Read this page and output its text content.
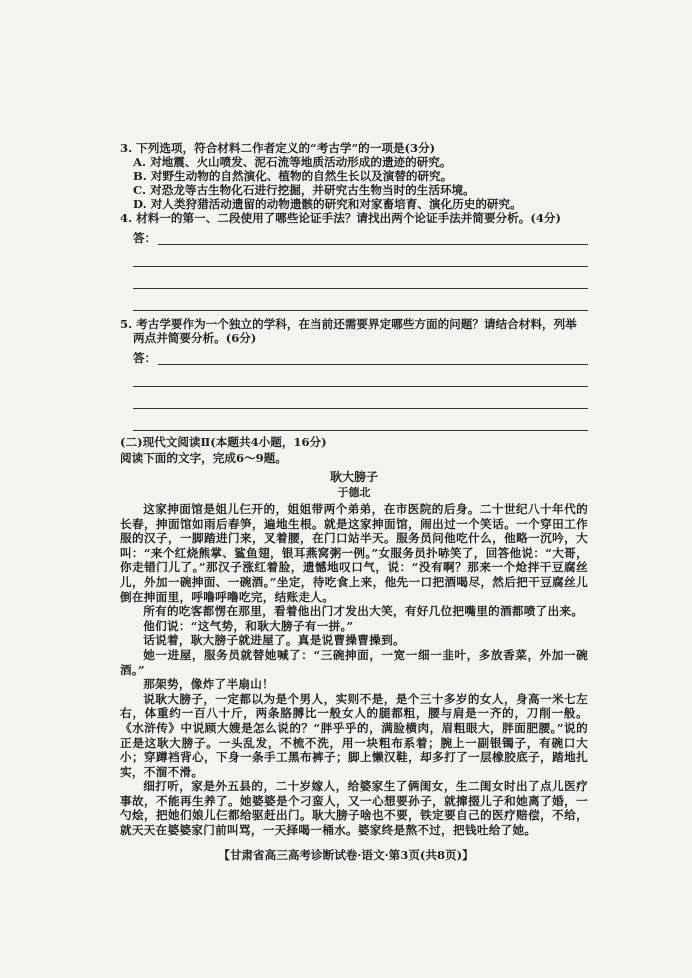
3. 下列选项，符合材料二作者定义的“考古学”的一项是(3分)
A. 对地震、火山喷发、泥石流等地质活动形成的遗迹的研究。
B. 对野生动物的自然演化、植物的自然生长以及演替的研究。
C. 对恐龙等古生物化石进行挖掘，并研究古生物当时的生活环境。
D. 对人类狩猎活动遗留的动物遗骸的研究和对家畜培育、演化历史的研究。
4. 材料一的第一、二段使用了哪些论证手法？请找出两个论证手法并简要分析。(4分)
答：
5. 考古学要作为一个独立的学科，在当前还需要界定哪些方面的问题？请结合材料，列举两点并简要分析。(6分)
答：
(二)现代文阅读Ⅱ(本题共4小题，16分)
阅读下面的文字，完成6～9题。
耿大膀子
于德北

这家抻面馆是姐儿仨开的，姐姐带两个弟弟，在市医院的后身。二十世纪八十年代的长春，抻面馆如雨后春笋，遍地生根。就是这家抻面馆，闹出过一个笑话。一个穿田工作服的汉子，一脚踏进门来，叉着腰，在门口站半天。服务员问他吃什么，他略一沉吟，大叫：“来个红烧熊掌、鲨鱼翅，银耳燕窝粥一例。”女服务员扑哧笑了，回答他说：“大哥，你走错门儿了。”那汉子涨红着脸，遗憾地叹口气，说：“没有啊？那来一个炝拌干豆腐丝儿，外加一碗抻面、一碗酒。”坐定，待吃食上来，他先一口把酒喝尽，然后把干豆腐丝儿倒在抻面里，呼噜呼噜吃完，结账走人。

所有的吃客都愣在那里，看着他出门才发出大笑，有好几位把嘴里的酒都喷了出来。

他们说：“这气势，和耿大膀子有一拼。”

话说着，耿大膀子就进屋了。真是说曹操曹操到。

她一进屋，服务员就替她喊了：“三碗抻面，一宽一细一韭叶，多放香菜，外加一碗酒。”

那架势，像炸了半扇山！

说耿大膀子，一定都以为是个男人，实则不是，是个三十多岁的女人，身高一米七左右，体重约一百八十斤，两条胳膊比一般女人的腿都粗，腰与肩是一齐的，刀削一般。《水浒传》中说顾大嫂是怎么说的？“胖乎乎的，满脸横肉，眉粗眼大，胖面肥腰。”说的正是这耿大膀子。一头乱发，不梳不洗，用一块粗布系着；腕上一副银镯子，有碗口大小；穿蹲裆背心，下身一条手工黑布裤子；脚上懒汉鞋，却多打了一层橡胶底子，踏地扎实，不溜不滑。

细打听，家是外五县的，二十岁嫁人，给婆家生了俩闺女，生二闺女时出了点儿医疗事故，不能再生养了。她婆婆是个刁蛮人，又一心想要孙子，就撺掇儿子和她离了婚，一勺烩，把她们娘儿仨都给驱赶出门。耿大膀子啥也不要，铁定要自己的医疗赔偿，不给，就天天在婆婆家门前叫骂，一天择喝一桶水。婆家终是熬不过，把钱吐给了她。

【甘肃省高三高考诊断试卷·语文·第3页(共8页)】
